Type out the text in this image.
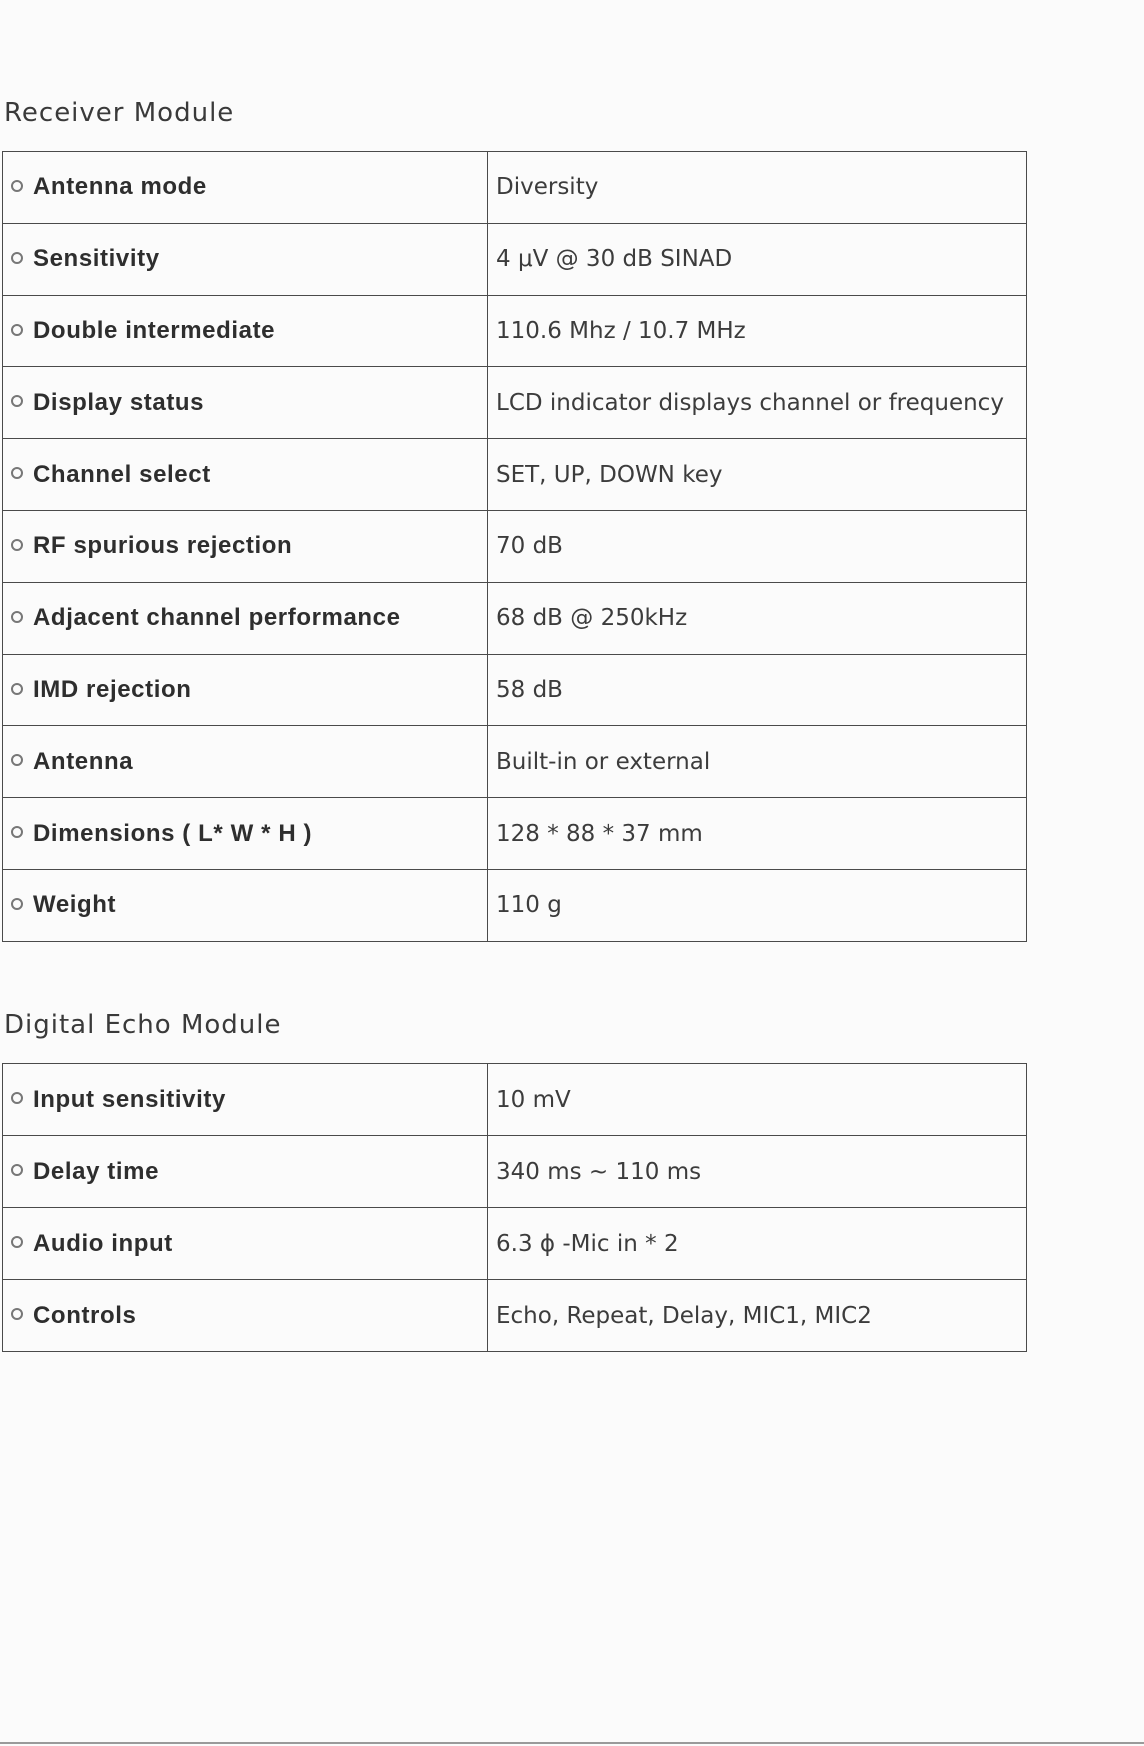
Receiver Module
Antenna mode	Diversity
Sensitivity	4 μV @ 30 dB SINAD
Double intermediate	110.6 Mhz / 10.7 MHz
Display status	LCD indicator displays channel or frequency
Channel select	SET, UP, DOWN key
RF spurious rejection	70 dB
Adjacent channel performance	68 dB @ 250kHz
IMD rejection	58 dB
Antenna	Built-in or external
Dimensions ( L* W * H )	128 * 88 * 37 mm
Weight	110 g
Digital Echo Module
Input sensitivity	10 mV
Delay time	340 ms ~ 110 ms
Audio input	6.3 ϕ -Mic in * 2
Controls	Echo, Repeat, Delay, MIC1, MIC2
